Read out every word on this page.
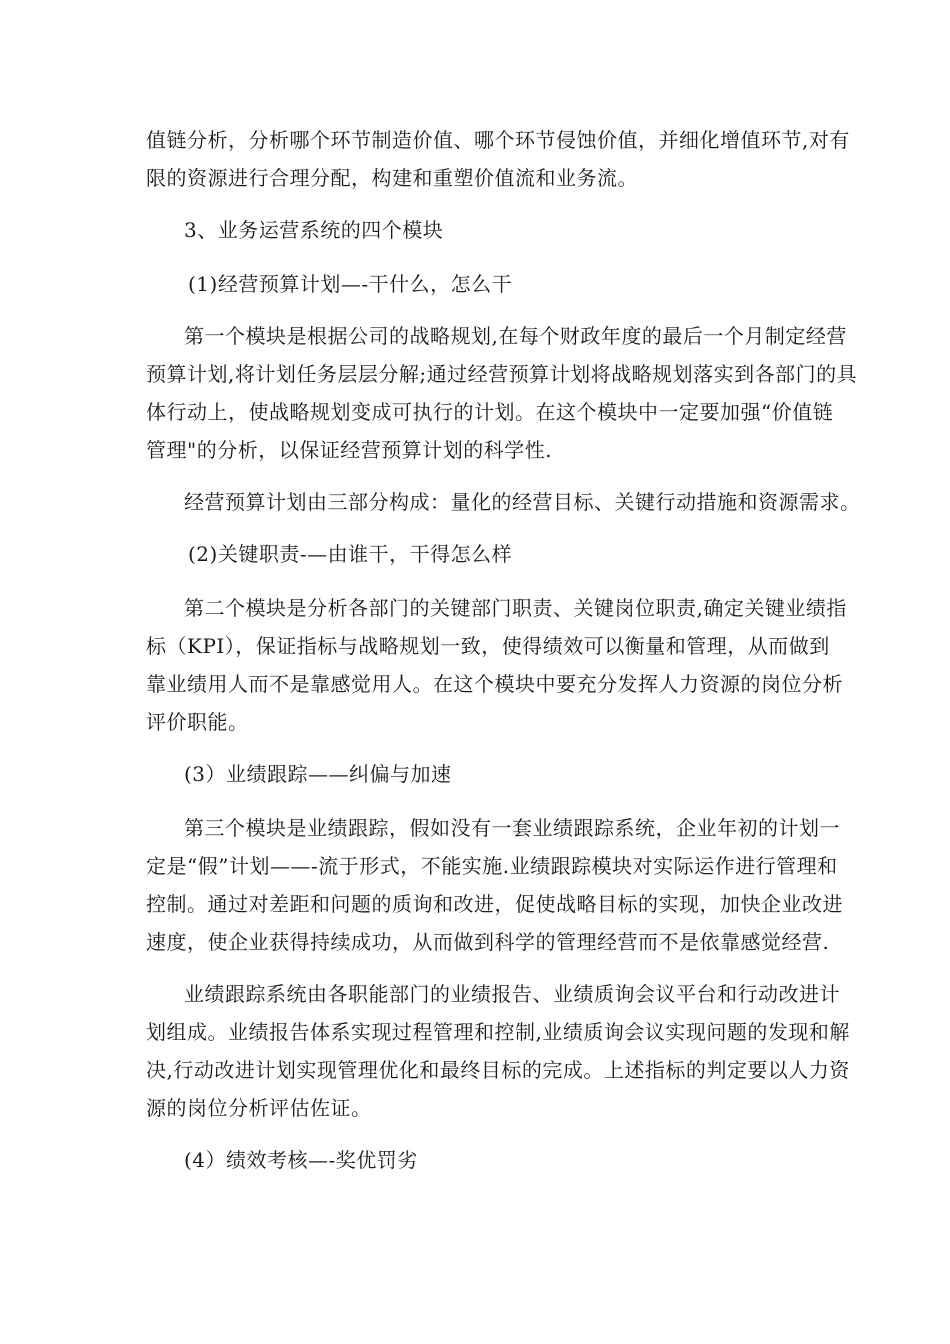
值链分析，分析哪个环节制造价值、哪个环节侵蚀价值，并细化增值环节,对有
限的资源进行合理分配，构建和重塑价值流和业务流。
3、业务运营系统的四个模块
(1)经营预算计划—-干什么，怎么干
第一个模块是根据公司的战略规划,在每个财政年度的最后一个月制定经营
预算计划,将计划任务层层分解;通过经营预算计划将战略规划落实到各部门的具
体行动上，使战略规划变成可执行的计划。在这个模块中一定要加强“价值链
管理"的分析，以保证经营预算计划的科学性.
经营预算计划由三部分构成：量化的经营目标、关键行动措施和资源需求。
(2)关键职责-—由谁干，干得怎么样
第二个模块是分析各部门的关键部门职责、关键岗位职责,确定关键业绩指
标（KPI），保证指标与战略规划一致，使得绩效可以衡量和管理，从而做到
靠业绩用人而不是靠感觉用人。在这个模块中要充分发挥人力资源的岗位分析
评价职能。
(3）业绩跟踪——纠偏与加速
第三个模块是业绩跟踪，假如没有一套业绩跟踪系统，企业年初的计划一
定是“假”计划——-流于形式，不能实施.业绩跟踪模块对实际运作进行管理和
控制。通过对差距和问题的质询和改进，促使战略目标的实现，加快企业改进
速度，使企业获得持续成功，从而做到科学的管理经营而不是依靠感觉经营.
业绩跟踪系统由各职能部门的业绩报告、业绩质询会议平台和行动改进计
划组成。业绩报告体系实现过程管理和控制,业绩质询会议实现问题的发现和解
决,行动改进计划实现管理优化和最终目标的完成。上述指标的判定要以人力资
源的岗位分析评估佐证。
(4）绩效考核—-奖优罚劣
